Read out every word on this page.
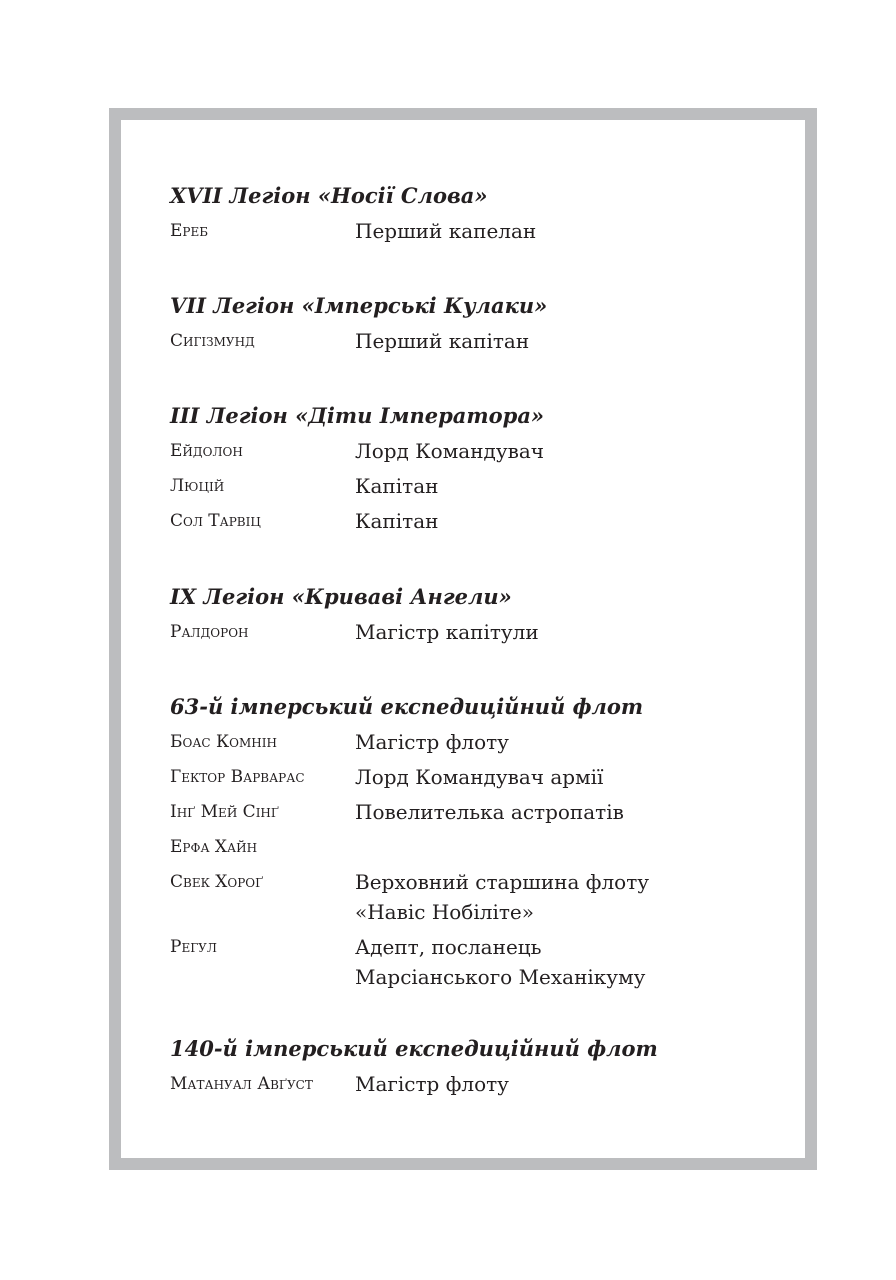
XVII Легіон «Носії Слова»
Ереб	Перший капелан
VII Легіон «Імперські Кулаки»
Сигізмунд	Перший капітан
III Легіон «Діти Імператора»
Ейдолон	Лорд Командувач
Люцій	Капітан
Сол Тарвіц	Капітан
IX Легіон «Криваві Ангели»
Ралдорон	Магістр капітули
63-й імперський експедиційний флот
Боас Комнін	Магістр флоту
Гектор Варварас	Лорд Командувач армії
Інґ Мей Сінґ	Повелителька астропатів
Ерфа Хайн
Свек Хороґ	Верховний старшина флоту
«Навіс Нобіліте»
Регул	Адепт, посланець
Марсіанського Механікуму
140-й імперський експедиційний флот
Матануал Авґуст	Магістр флоту
